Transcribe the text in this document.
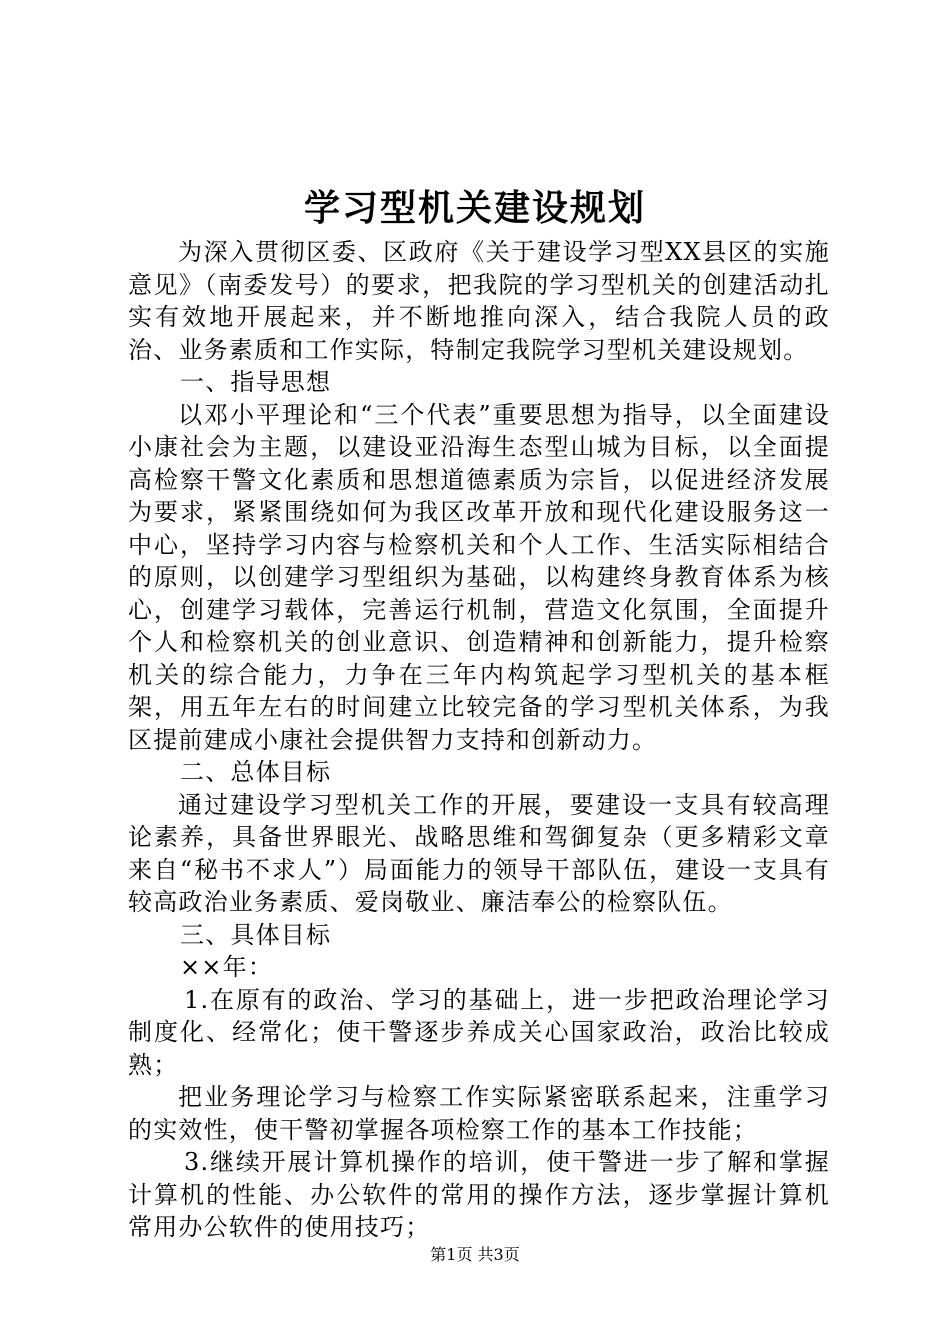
学习型机关建设规划

为深入贯彻区委、区政府《关于建设学习型XX县区的实施意见》（南委发号）的要求，把我院的学习型机关的创建活动扎实有效地开展起来，并不断地推向深入，结合我院人员的政治、业务素质和工作实际，特制定我院学习型机关建设规划。

一、指导思想

以邓小平理论和“三个代表”重要思想为指导，以全面建设小康社会为主题，以建设亚沿海生态型山城为目标，以全面提高检察干警文化素质和思想道德素质为宗旨，以促进经济发展为要求，紧紧围绕如何为我区改革开放和现代化建设服务这一中心，坚持学习内容与检察机关和个人工作、生活实际相结合的原则，以创建学习型组织为基础，以构建终身教育体系为核心，创建学习载体，完善运行机制，营造文化氛围，全面提升个人和检察机关的创业意识、创造精神和创新能力，提升检察机关的综合能力，力争在三年内构筑起学习型机关的基本框架，用五年左右的时间建立比较完备的学习型机关体系，为我区提前建成小康社会提供智力支持和创新动力。

二、总体目标

通过建设学习型机关工作的开展，要建设一支具有较高理论素养，具备世界眼光、战略思维和驾御复杂（更多精彩文章来自“秘书不求人”）局面能力的领导干部队伍，建设一支具有较高政治业务素质、爱岗敬业、廉洁奉公的检察队伍。

三、具体目标

××年：

1.在原有的政治、学习的基础上，进一步把政治理论学习制度化、经常化；使干警逐步养成关心国家政治，政治比较成熟；

把业务理论学习与检察工作实际紧密联系起来，注重学习的实效性，使干警初掌握各项检察工作的基本工作技能；

3.继续开展计算机操作的培训，使干警进一步了解和掌握计算机的性能、办公软件的常用的操作方法，逐步掌握计算机常用办公软件的使用技巧；

第1页 共3页
